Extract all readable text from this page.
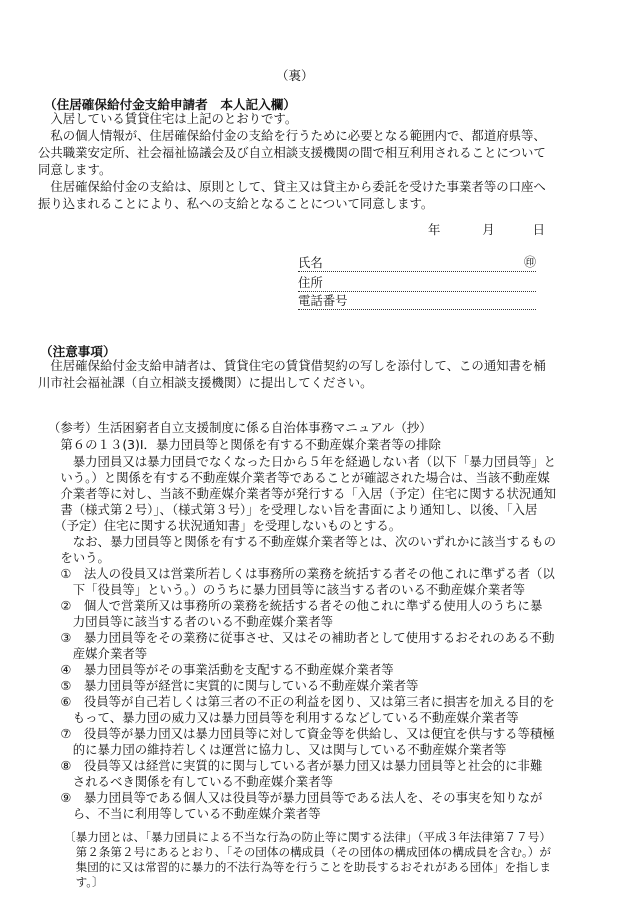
（裏）
（住居確保給付金支給申請者　本人記入欄）
　入居している賃貸住宅は上記のとおりです。
　私の個人情報が、住居確保給付金の支給を行うために必要となる範囲内で、都道府県等、
公共職業安定所、社会福祉協議会及び自立相談支援機関の間で相互利用されることについて
同意します。
　住居確保給付金の支給は、原則として、貸主又は貸主から委託を受けた事業者等の口座へ
振り込まれることにより、私への支給となることについて同意します。
年	月	日
氏名	㊞
住所
電話番号
（注意事項）
　住居確保給付金支給申請者は、賃貸住宅の賃貸借契約の写しを添付して、この通知書を桶
川市社会福祉課（自立相談支援機関）に提出してください。
（参考）生活困窮者自立支援制度に係る自治体事務マニュアル（抄）
　第６の１３(3)Ⅰ．暴力団員等と関係を有する不動産媒介業者等の排除
　　暴力団員又は暴力団員でなくなった日から５年を経過しない者（以下「暴力団員等」と
　いう。）と関係を有する不動産媒介業者等であることが確認された場合は、当該不動産媒
　介業者等に対し、当該不動産媒介業者等が発行する「入居（予定）住宅に関する状況通知
　書（様式第２号）」、（様式第３号）」を受理しない旨を書面により通知し、以後、「入居
　（予定）住宅に関する状況通知書」を受理しないものとする。
　　なお、暴力団員等と関係を有する不動産媒介業者等とは、次のいずれかに該当するもの
　をいう。
　①　法人の役員又は営業所若しくは事務所の業務を統括する者その他これに準ずる者（以
　　下「役員等」という。）のうちに暴力団員等に該当する者のいる不動産媒介業者等
　②　個人で営業所又は事務所の業務を統括する者その他これに準ずる使用人のうちに暴
　　力団員等に該当する者のいる不動産媒介業者等
　③　暴力団員等をその業務に従事させ、又はその補助者として使用するおそれのある不動
　　産媒介業者等
　④　暴力団員等がその事業活動を支配する不動産媒介業者等
　⑤　暴力団員等が経営に実質的に関与している不動産媒介業者等
　⑥　役員等が自己若しくは第三者の不正の利益を図り、又は第三者に損害を加える目的を
　　もって、暴力団の威力又は暴力団員等を利用するなどしている不動産媒介業者等
　⑦　役員等が暴力団又は暴力団員等に対して資金等を供給し、又は便宜を供与する等積極
　　的に暴力団の維持若しくは運営に協力し、又は関与している不動産媒介業者等
　⑧　役員等又は経営に実質的に関与している者が暴力団又は暴力団員等と社会的に非難
　　されるべき関係を有している不動産媒介業者等
　⑨　暴力団員等である個人又は役員等が暴力団員等である法人を、その事実を知りなが
　　ら、不当に利用等している不動産媒介業者等
〔暴力団とは、「暴力団員による不当な行為の防止等に関する法律」（平成３年法律第７７号）
　第２条第２号にあるとおり、「その団体の構成員（その団体の構成団体の構成員を含む。）が
　集団的に又は常習的に暴力的不法行為等を行うことを助長するおそれがある団体」を指しま
　す。〕
